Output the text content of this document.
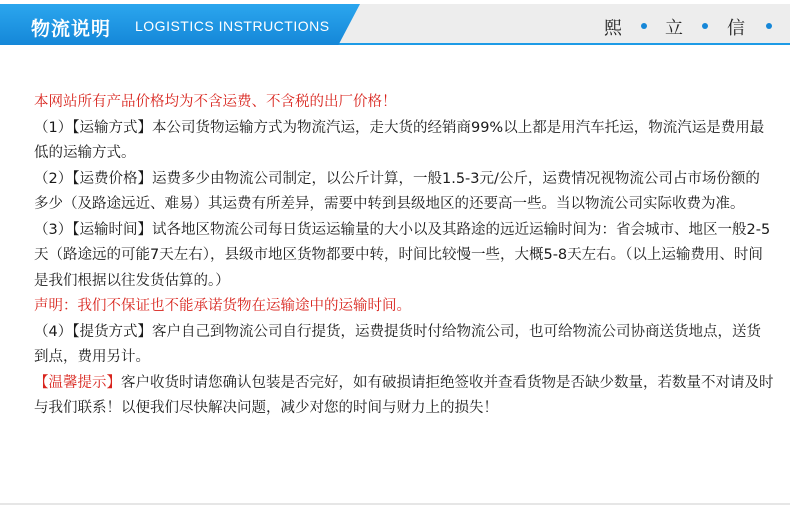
物流说明 LOGISTICS INSTRUCTIONS	熙 立 信

本网站所有产品价格均为不含运费、不含税的出厂价格！

（1）【运输方式】本公司货物运输方式为物流汽运，走大货的经销商99%以上都是用汽车托运，物流汽运是费用最低的运输方式。

（2）【运费价格】运费多少由物流公司制定，以公斤计算，一般1.5-3元/公斤，运费情况视物流公司占市场份额的多少（及路途远近、难易）其运费有所差异，需要中转到县级地区的还要高一些。当以物流公司实际收费为准。

（3）【运输时间】试各地区物流公司每日货运运输量的大小以及其路途的远近运输时间为：省会城市、地区一般2-5天（路途远的可能7天左右），县级市地区货物都要中转，时间比较慢一些，大概5-8天左右。（以上运输费用、时间是我们根据以往发货估算的。）

声明：我们不保证也不能承诺货物在运输途中的运输时间。

（4）【提货方式】客户自己到物流公司自行提货，运费提货时付给物流公司，也可给物流公司协商送货地点，送货到点，费用另计。

【温馨提示】客户收货时请您确认包装是否完好，如有破损请拒绝签收并查看货物是否缺少数量，若数量不对请及时与我们联系！以便我们尽快解决问题，减少对您的时间与财力上的损失！
